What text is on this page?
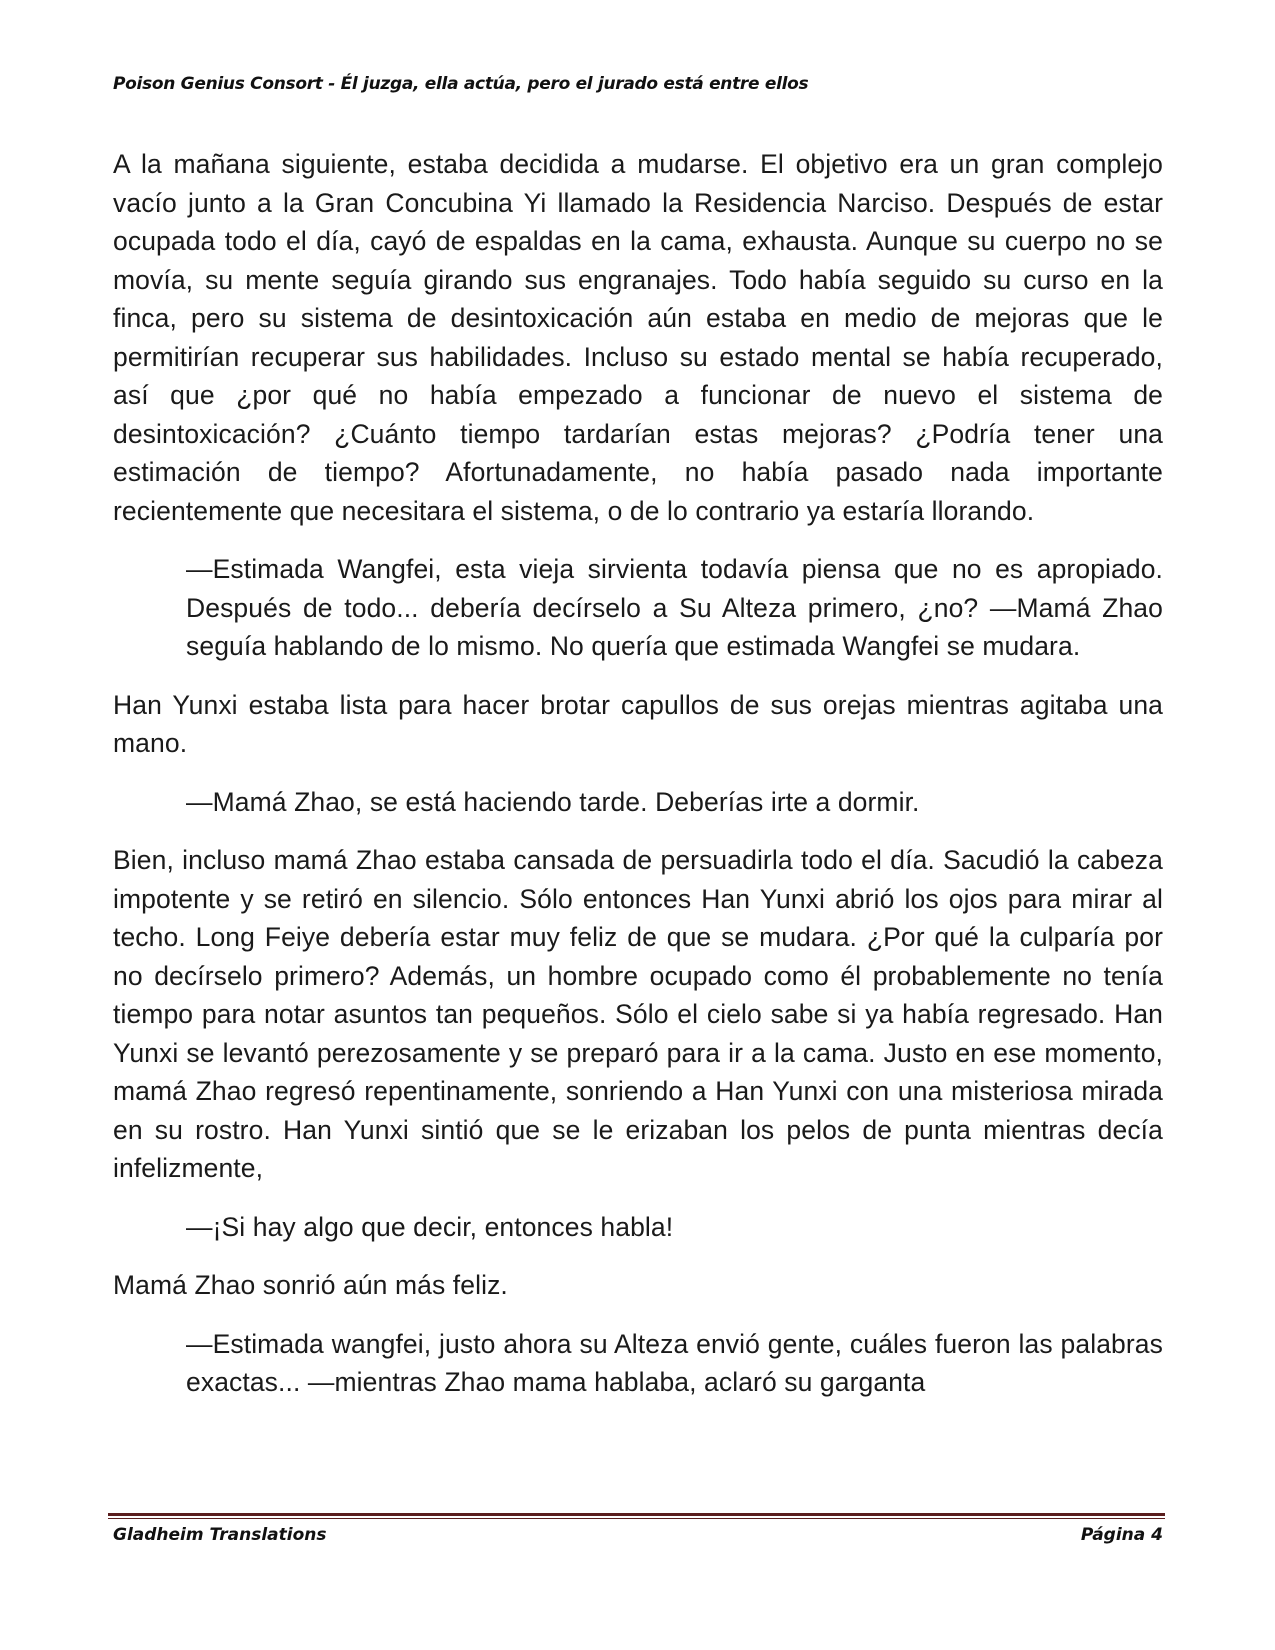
Poison Genius Consort - Él juzga, ella actúa, pero el jurado está entre ellos

A la mañana siguiente, estaba decidida a mudarse. El objetivo era un gran complejo vacío junto a la Gran Concubina Yi llamado la Residencia Narciso. Después de estar ocupada todo el día, cayó de espaldas en la cama, exhausta. Aunque su cuerpo no se movía, su mente seguía girando sus engranajes. Todo había seguido su curso en la finca, pero su sistema de desintoxicación aún estaba en medio de mejoras que le permitirían recuperar sus habilidades. Incluso su estado mental se había recuperado, así que ¿por qué no había empezado a funcionar de nuevo el sistema de desintoxicación? ¿Cuánto tiempo tardarían estas mejoras? ¿Podría tener una estimación de tiempo? Afortunadamente, no había pasado nada importante recientemente que necesitara el sistema, o de lo contrario ya estaría llorando.

—Estimada Wangfei, esta vieja sirvienta todavía piensa que no es apropiado. Después de todo... debería decírselo a Su Alteza primero, ¿no? —Mamá Zhao seguía hablando de lo mismo. No quería que estimada Wangfei se mudara.

Han Yunxi estaba lista para hacer brotar capullos de sus orejas mientras agitaba una mano.

—Mamá Zhao, se está haciendo tarde. Deberías irte a dormir.

Bien, incluso mamá Zhao estaba cansada de persuadirla todo el día. Sacudió la cabeza impotente y se retiró en silencio. Sólo entonces Han Yunxi abrió los ojos para mirar al techo. Long Feiye debería estar muy feliz de que se mudara. ¿Por qué la culparía por no decírselo primero? Además, un hombre ocupado como él probablemente no tenía tiempo para notar asuntos tan pequeños. Sólo el cielo sabe si ya había regresado. Han Yunxi se levantó perezosamente y se preparó para ir a la cama. Justo en ese momento, mamá Zhao regresó repentinamente, sonriendo a Han Yunxi con una misteriosa mirada en su rostro. Han Yunxi sintió que se le erizaban los pelos de punta mientras decía infelizmente,

—¡Si hay algo que decir, entonces habla!

Mamá Zhao sonrió aún más feliz.

—Estimada wangfei, justo ahora su Alteza envió gente, cuáles fueron las palabras exactas... —mientras Zhao mama hablaba, aclaró su garganta

Gladheim Translations	Página 4
